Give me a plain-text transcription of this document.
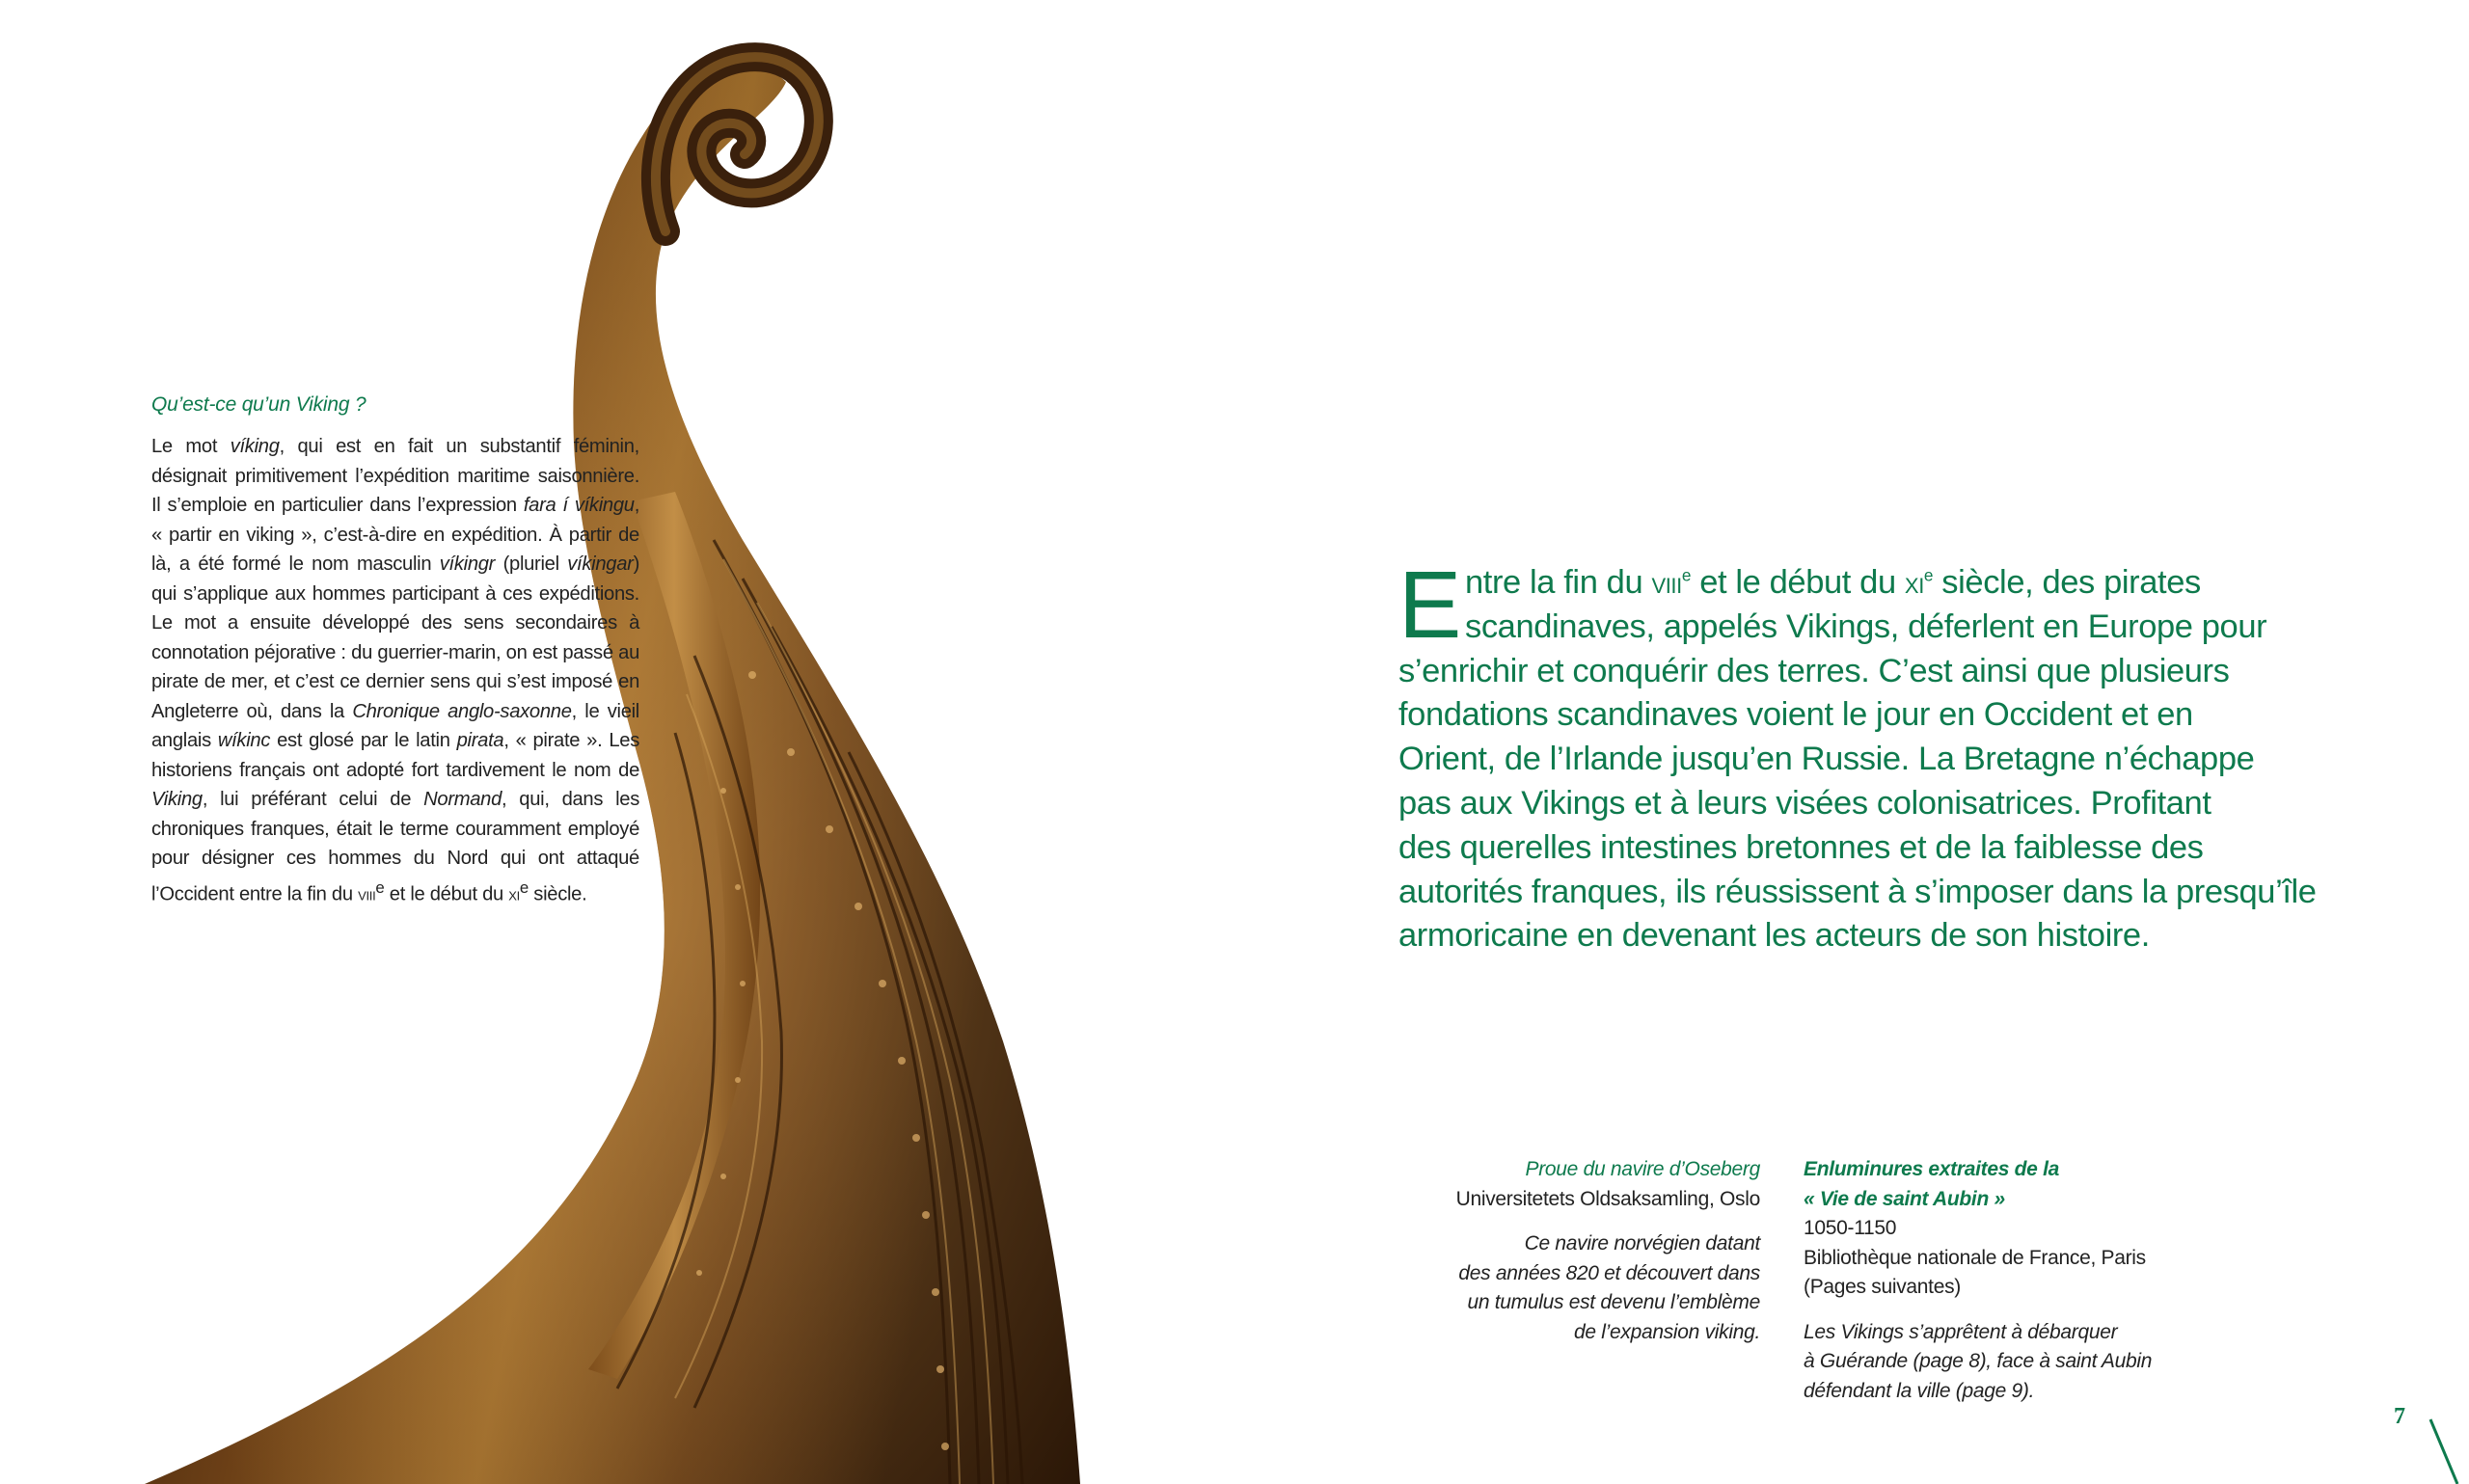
Qu’est-ce qu’un Viking ?

Le mot víking, qui est en fait un substantif féminin, désignait primitivement l’expédition maritime saisonnière. Il s’emploie en particulier dans l’expression fara í víkingu, « partir en viking », c’est-à-dire en expédition. À partir de là, a été formé le nom masculin víkingr (pluriel víkingar) qui s’applique aux hommes participant à ces expéditions. Le mot a ensuite développé des sens secondaires à connotation péjorative : du guerrier-marin, on est passé au pirate de mer, et c’est ce dernier sens qui s’est imposé en Angleterre où, dans la Chronique anglo-saxonne, le vieil anglais wíkinc est glosé par le latin pirata, « pirate ». Les historiens français ont adopté fort tardivement le nom de Viking, lui préférant celui de Normand, qui, dans les chroniques franques, était le terme couramment employé pour désigner ces hommes du Nord qui ont attaqué l’Occident entre la fin du viii$^e$ et le début du $xi^e$ siècle.

E ntre la fin du viii$^e$ et le début du $xi^e$ siècle, des pirates
scandinaves, appelés Vikings, déferlent en Europe pour
s’enrichir et conquérir des terres. C’est ainsi que plusieurs
fondations scandinaves voient le jour en Occident et en
Orient, de l’Irlande jusqu’en Russie. La Bretagne n’échappe
pas aux Vikings et à leurs visées colonisatrices. Profitant
des querelles intestines bretonnes et de la faiblesse des
autorités franques, ils réussissent à s’imposer dans la presqu’île
armoricaine en devenant les acteurs de son histoire.
Proue du navire d’Oseberg
Universitetets Oldsaksamling, Oslo
Ce navire norvégien datant
des années 820 et découvert dans
un tumulus est devenu l’emblème
de l’expansion viking.
Enluminures extraites de la
« Vie de saint Aubin »
1050-1150
Bibliothèque nationale de France, Paris
(Pages suivantes)
Les Vikings s’apprêtent à débarquer
à Guérande (page 8), face à saint Aubin
défendant la ville (page 9).
7
